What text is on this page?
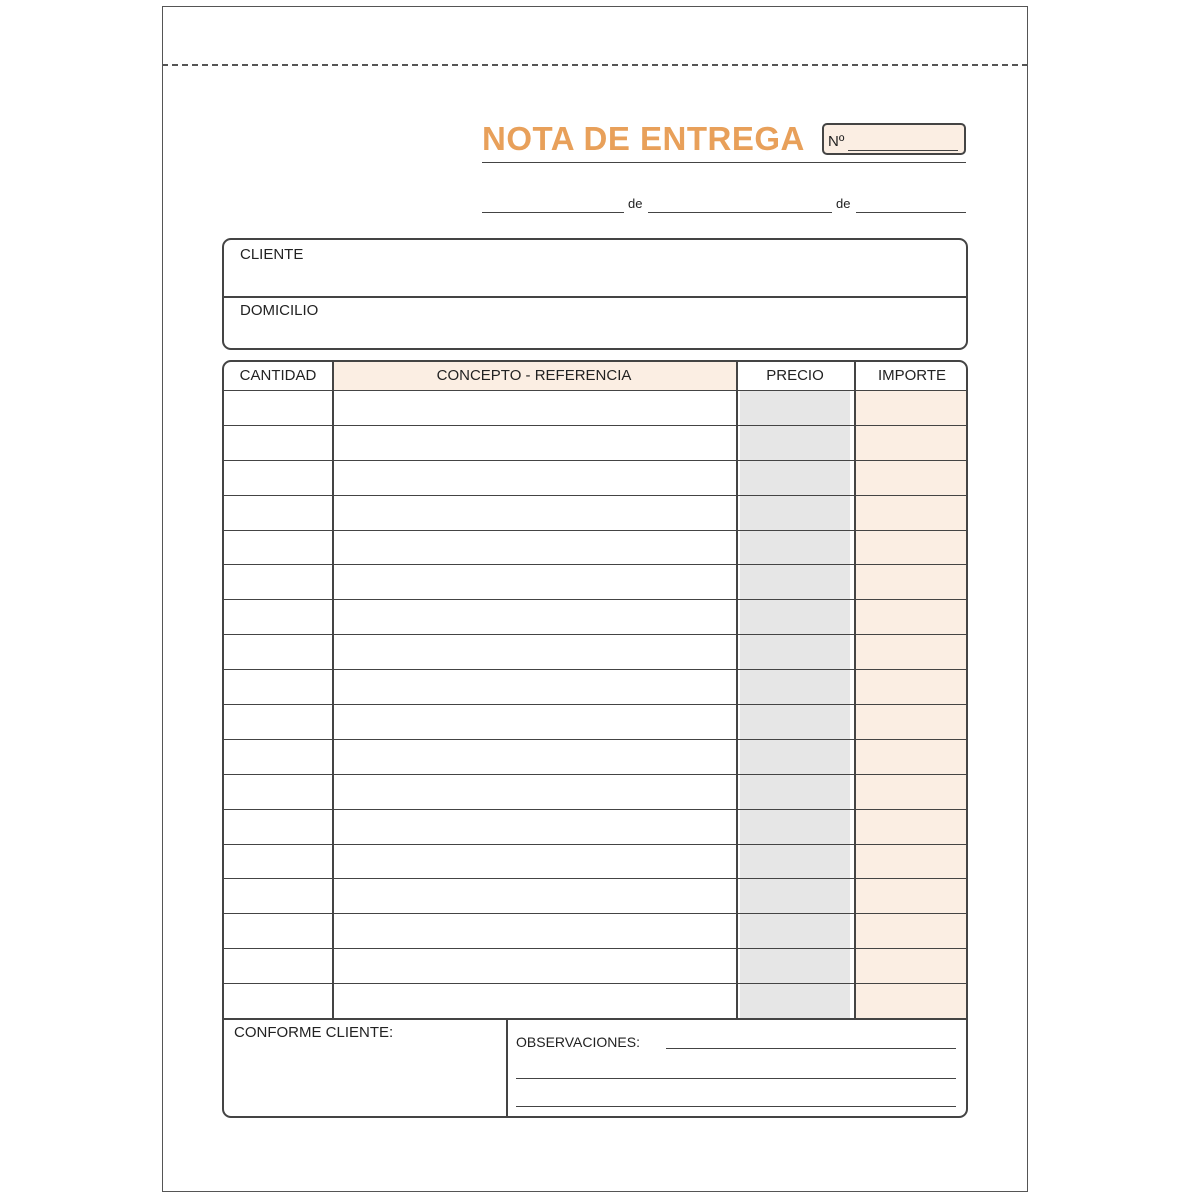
NOTA DE ENTREGA Nº
de	de
CLIENTE
DOMICILIO
CANTIDAD	CONCEPTO - REFERENCIA	PRECIO	IMPORTE
CONFORME CLIENTE:
OBSERVACIONES:
